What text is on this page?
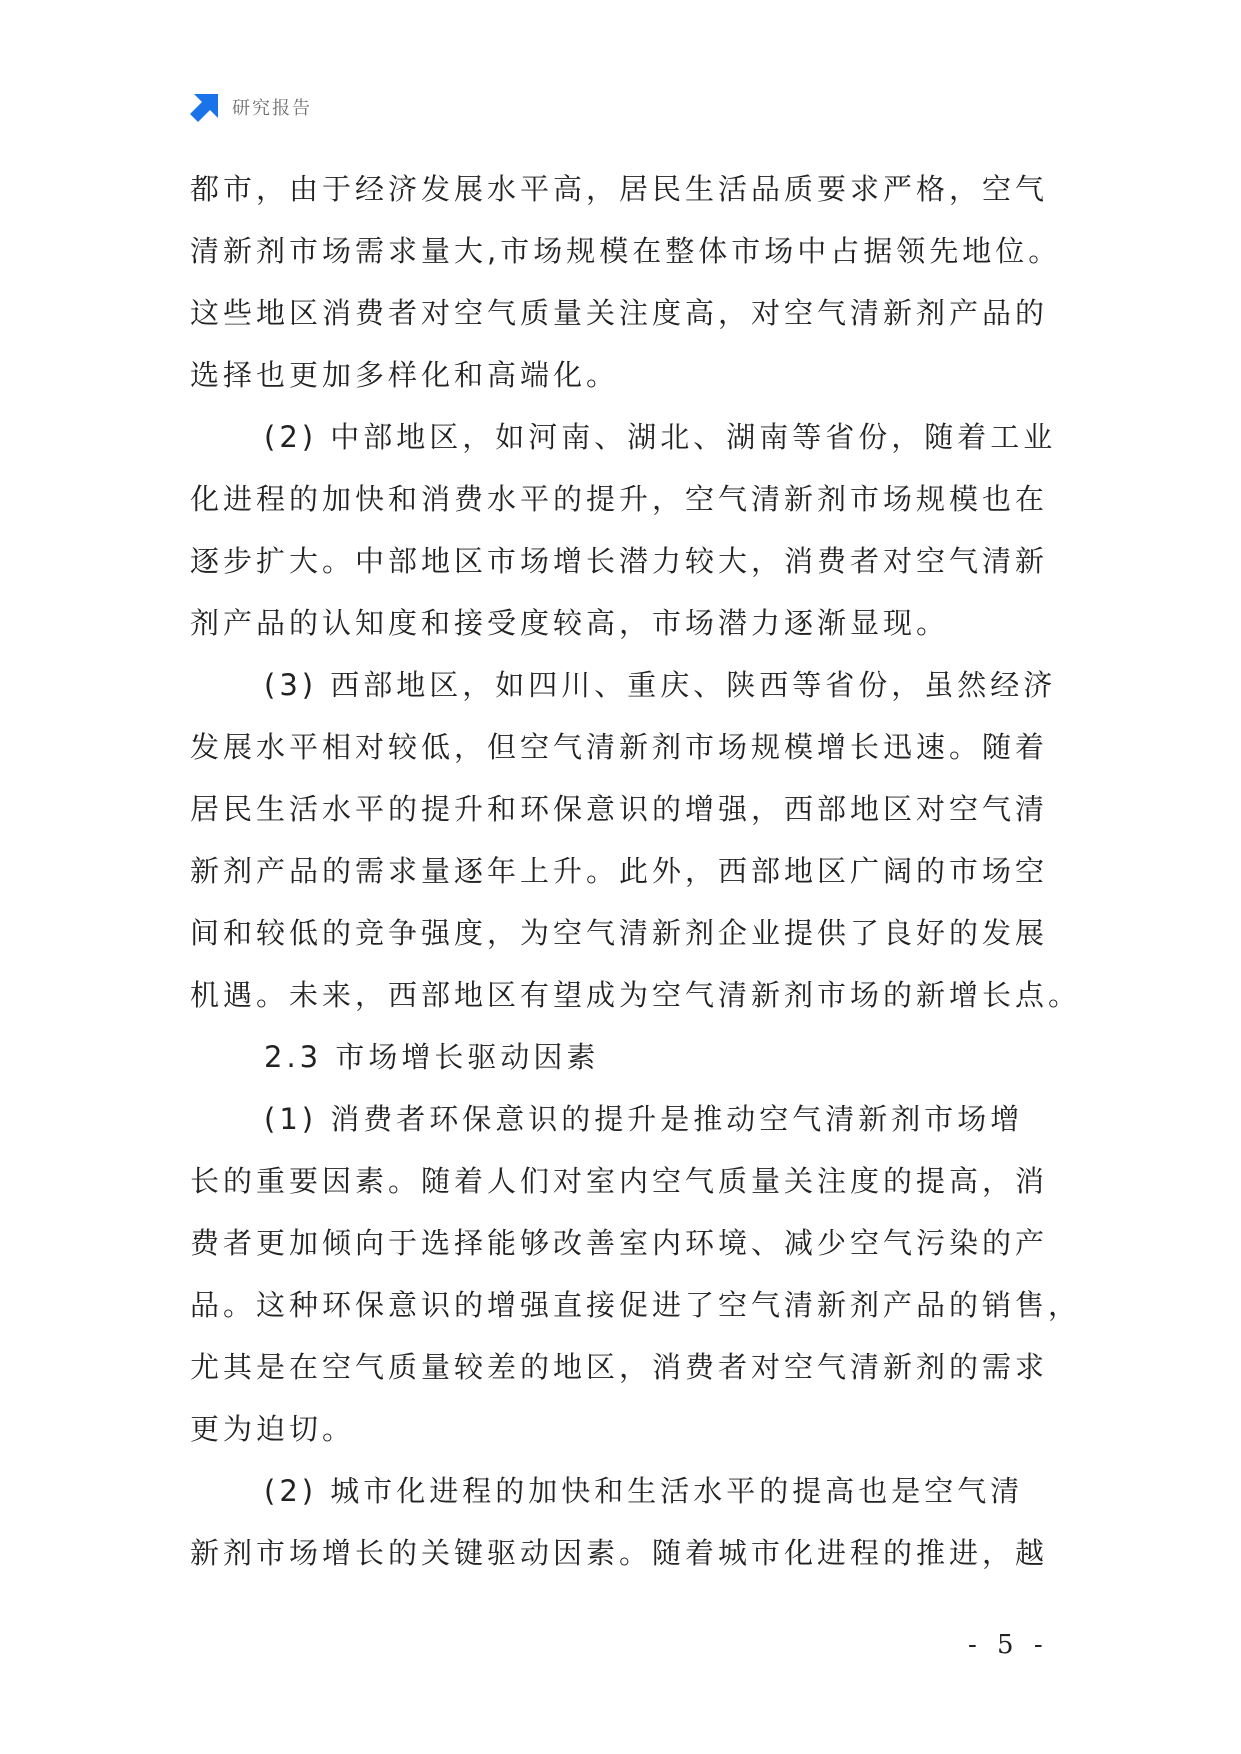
研究报告
都市，由于经济发展水平高，居民生活品质要求严格，空气
清新剂市场需求量大,市场规模在整体市场中占据领先地位。
这些地区消费者对空气质量关注度高，对空气清新剂产品的
选择也更加多样化和高端化。
(2) 中部地区，如河南、湖北、湖南等省份，随着工业
化进程的加快和消费水平的提升，空气清新剂市场规模也在
逐步扩大。中部地区市场增长潜力较大，消费者对空气清新
剂产品的认知度和接受度较高，市场潜力逐渐显现。
(3) 西部地区，如四川、重庆、陕西等省份，虽然经济
发展水平相对较低，但空气清新剂市场规模增长迅速。随着
居民生活水平的提升和环保意识的增强，西部地区对空气清
新剂产品的需求量逐年上升。此外，西部地区广阔的市场空
间和较低的竞争强度，为空气清新剂企业提供了良好的发展
机遇。未来，西部地区有望成为空气清新剂市场的新增长点。
2.3 市场增长驱动因素
(1) 消费者环保意识的提升是推动空气清新剂市场增
长的重要因素。随着人们对室内空气质量关注度的提高，消
费者更加倾向于选择能够改善室内环境、减少空气污染的产
品。这种环保意识的增强直接促进了空气清新剂产品的销售，
尤其是在空气质量较差的地区，消费者对空气清新剂的需求
更为迫切。
(2) 城市化进程的加快和生活水平的提高也是空气清
新剂市场增长的关键驱动因素。随着城市化进程的推进，越
- 5 -
